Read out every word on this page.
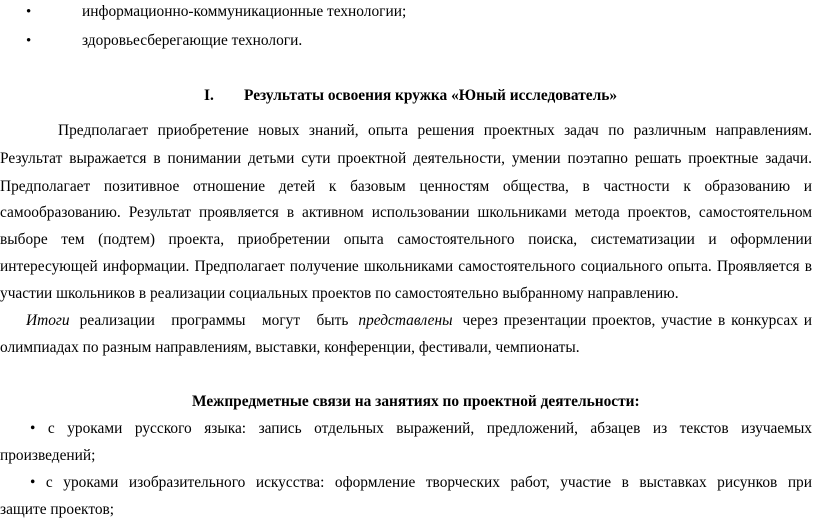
•	информационно-коммуникационные технологии;
•	здоровьесберегающие технологи.
I. Результаты освоения кружка «Юный исследователь»
Предполагает приобретение новых знаний, опыта решения проектных задач по различным направлениям.
Результат выражается в понимании детьми сути проектной деятельности, умении поэтапно решать проектные задачи.
Предполагает позитивное отношение детей к базовым ценностям общества, в частности к образованию и
самообразованию. Результат проявляется в активном использовании школьниками метода проектов, самостоятельном
выборе тем (подтем) проекта, приобретении опыта самостоятельного поиска, систематизации и оформлении
интересующей информации. Предполагает получение школьниками самостоятельного социального опыта. Проявляется в
участии школьников в реализации социальных проектов по самостоятельно выбранному направлению.
Итоги реализации программы могут быть представлены через презентации проектов, участие в конкурсах и
олимпиадах по разным направлениям, выставки, конференции, фестивали, чемпионаты.
Межпредметные связи на занятиях по проектной деятельности:
• с уроками русского языка: запись отдельных выражений, предложений, абзацев из текстов изучаемых
произведений;
• с уроками изобразительного искусства: оформление творческих работ, участие в выставках рисунков при
защите проектов;
